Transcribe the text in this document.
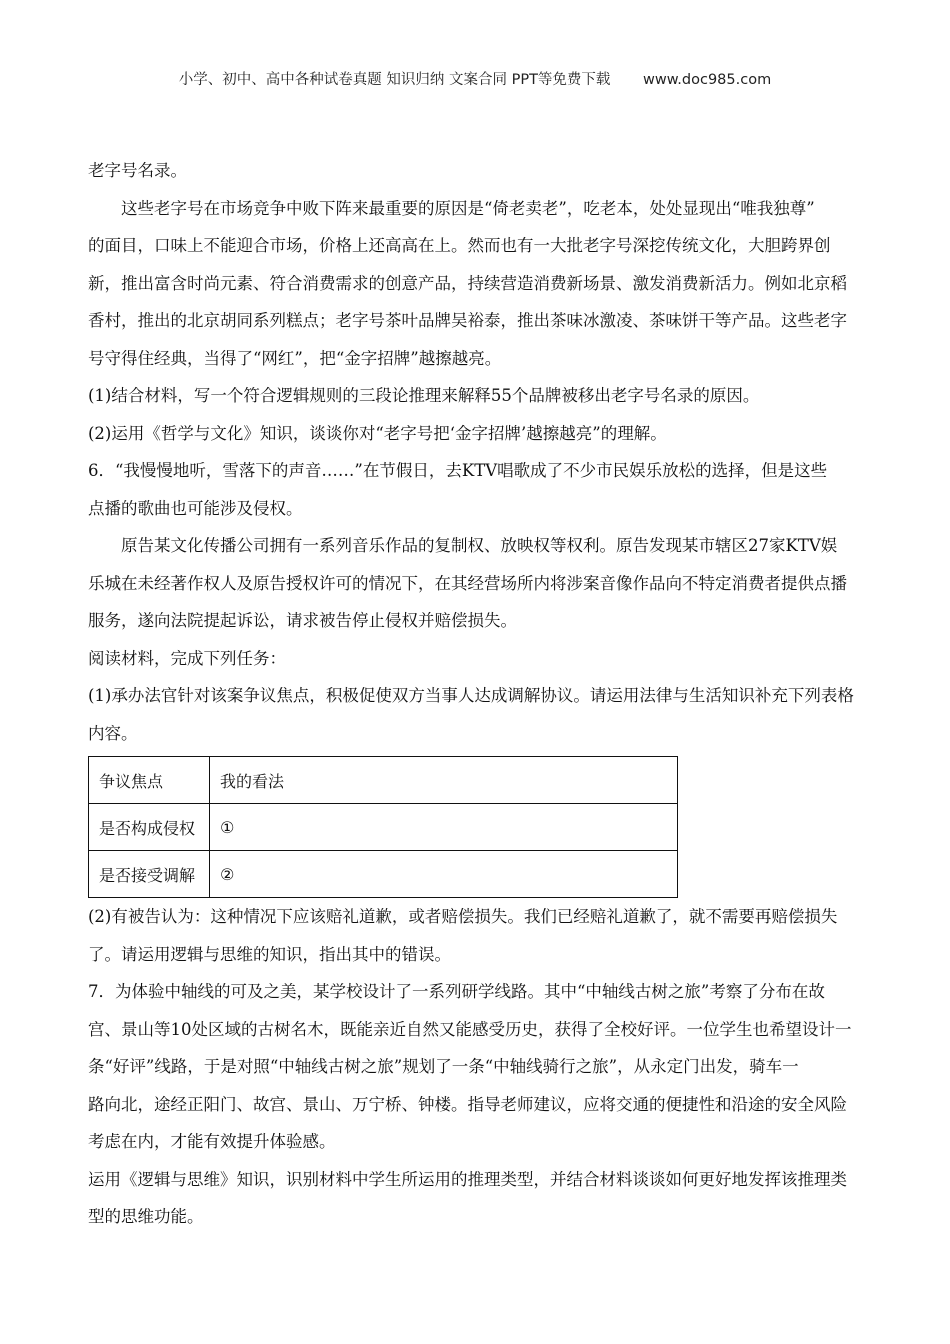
小学、初中、高中各种试卷真题 知识归纳 文案合同 PPT等免费下载 www.doc985.com
老字号名录。
这些老字号在市场竞争中败下阵来最重要的原因是“倚老卖老”，吃老本，处处显现出“唯我独尊”
的面目，口味上不能迎合市场，价格上还高高在上。然而也有一大批老字号深挖传统文化，大胆跨界创
新，推出富含时尚元素、符合消费需求的创意产品，持续营造消费新场景、激发消费新活力。例如北京稻
香村，推出的北京胡同系列糕点；老字号茶叶品牌吴裕泰，推出茶味冰激凌、茶味饼干等产品。这些老字
号守得住经典，当得了“网红”，把“金字招牌”越擦越亮。
(1)结合材料，写一个符合逻辑规则的三段论推理来解释55个品牌被移出老字号名录的原因。
(2)运用《哲学与文化》知识，谈谈你对“老字号把‘金字招牌’越擦越亮”的理解。
6．“我慢慢地听，雪落下的声音……”在节假日，去KTV唱歌成了不少市民娱乐放松的选择，但是这些
点播的歌曲也可能涉及侵权。
原告某文化传播公司拥有一系列音乐作品的复制权、放映权等权利。原告发现某市辖区27家KTV娱
乐城在未经著作权人及原告授权许可的情况下，在其经营场所内将涉案音像作品向不特定消费者提供点播
服务，遂向法院提起诉讼，请求被告停止侵权并赔偿损失。
阅读材料，完成下列任务：
(1)承办法官针对该案争议焦点，积极促使双方当事人达成调解协议。请运用法律与生活知识补充下列表格
内容。
争议焦点	我的看法
是否构成侵权	①
是否接受调解	②
(2)有被告认为：这种情况下应该赔礼道歉，或者赔偿损失。我们已经赔礼道歉了，就不需要再赔偿损失
了。请运用逻辑与思维的知识，指出其中的错误。
7．为体验中轴线的可及之美，某学校设计了一系列研学线路。其中“中轴线古树之旅”考察了分布在故
宫、景山等10处区域的古树名木，既能亲近自然又能感受历史，获得了全校好评。一位学生也希望设计一
条“好评”线路，于是对照“中轴线古树之旅”规划了一条“中轴线骑行之旅”，从永定门出发，骑车一
路向北，途经正阳门、故宫、景山、万宁桥、钟楼。指导老师建议，应将交通的便捷性和沿途的安全风险
考虑在内，才能有效提升体验感。
运用《逻辑与思维》知识，识别材料中学生所运用的推理类型，并结合材料谈谈如何更好地发挥该推理类
型的思维功能。
